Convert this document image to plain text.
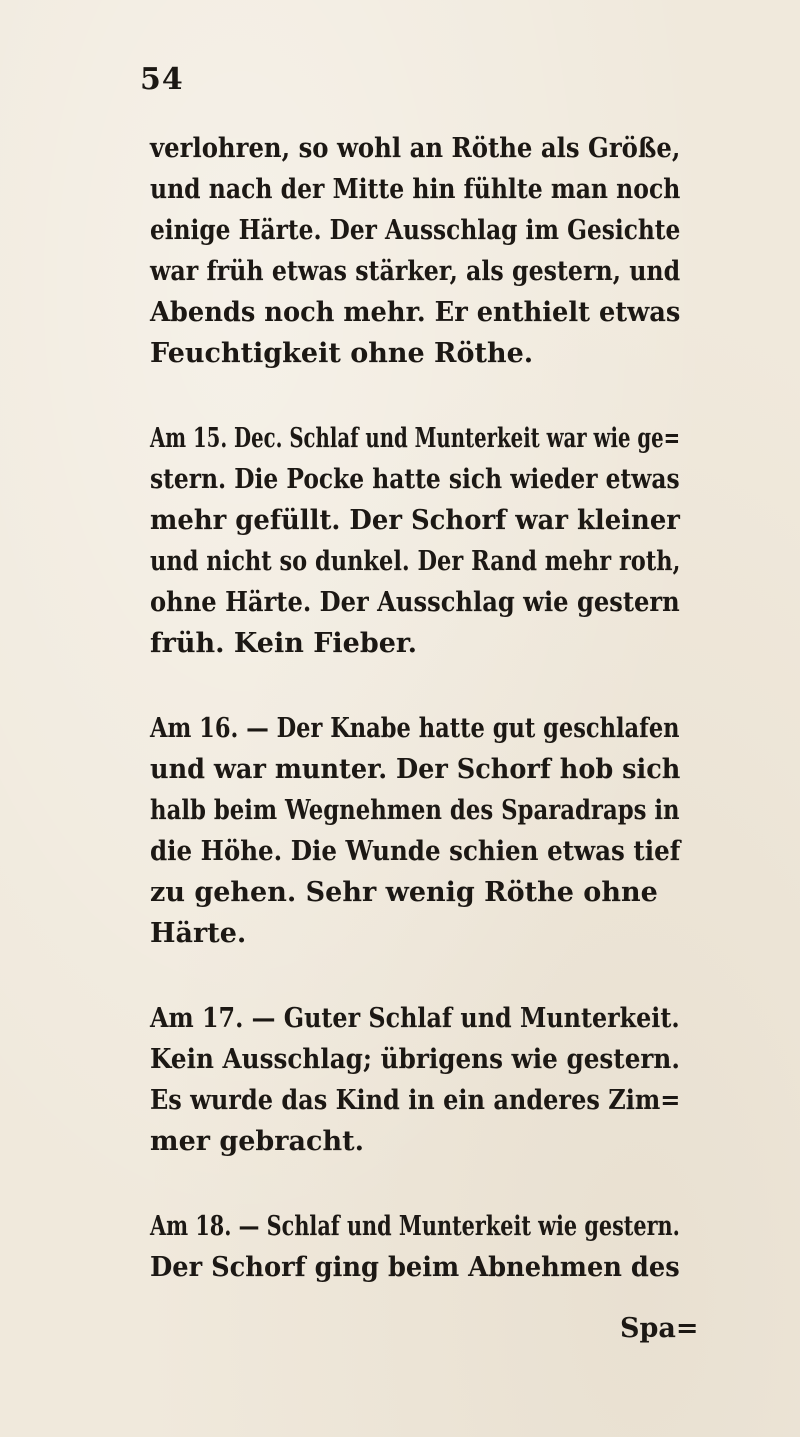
54
verlohren, so wohl an Röthe als Größe,
und nach der Mitte hin fühlte man noch
einige Härte. Der Ausschlag im Gesichte
war früh etwas stärker, als gestern, und
Abends noch mehr. Er enthielt etwas
Feuchtigkeit ohne Röthe.
Am 15. Dec. Schlaf und Munterkeit war wie ge=
stern. Die Pocke hatte sich wieder etwas
mehr gefüllt. Der Schorf war kleiner
und nicht so dunkel. Der Rand mehr roth,
ohne Härte. Der Ausschlag wie gestern
früh. Kein Fieber.
Am 16. — Der Knabe hatte gut geschlafen
und war munter. Der Schorf hob sich
halb beim Wegnehmen des Sparadraps in
die Höhe. Die Wunde schien etwas tief
zu gehen. Sehr wenig Röthe ohne
Härte.
Am 17. — Guter Schlaf und Munterkeit.
Kein Ausschlag; übrigens wie gestern.
Es wurde das Kind in ein anderes Zim=
mer gebracht.
Am 18. — Schlaf und Munterkeit wie gestern.
Der Schorf ging beim Abnehmen des
Spa=
